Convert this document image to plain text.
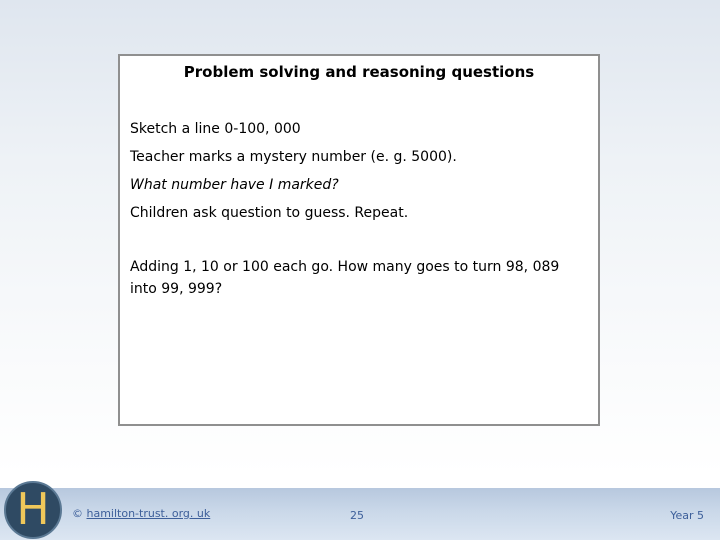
Problem solving and reasoning questions
Sketch a line 0-100, 000
Teacher marks a mystery number (e. g. 5000).
What number have I marked?
Children ask question to guess. Repeat.
Adding 1, 10 or 100 each go. How many goes to turn 98, 089 into 99, 999?
H	© hamilton-trust. org. uk	25	Year 5
